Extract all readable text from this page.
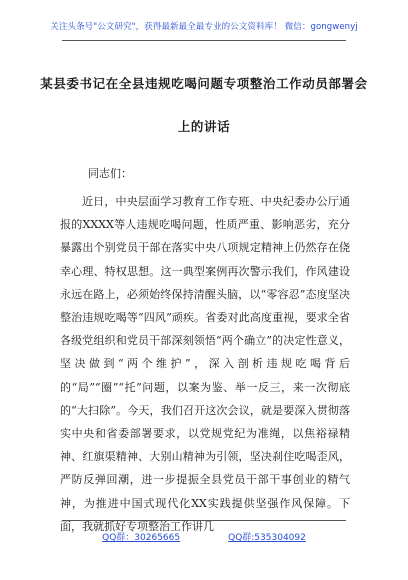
关注头条号"公文研究"，获得最新最全最专业的公文资料库！ 微信：gongwenyj
某县委书记在全县违规吃喝问题专项整治工作动员部署会
上的讲话
同志们：

近日，中央层面学习教育工作专班、中央纪委办公厅通报的XXXX等人违规吃喝问题，性质严重、影响恶劣，充分暴露出个别党员干部在落实中央八项规定精神上仍然存在侥幸心理、特权思想。这一典型案例再次警示我们，作风建设永远在路上，必须始终保持清醒头脑，以“零容忍”态度坚决整治违规吃喝等“四风”顽疾。省委对此高度重视，要求全省各级党组织和党员干部深刻领悟“两个确立”的决定性意义，坚决做到“两个维护”，深入剖析违规吃喝背后的“局”“圈”“托”问题，以案为鉴、举一反三，来一次彻底的“大扫除”。今天，我们召开这次会议，就是要深入贯彻落实中央和省委部署要求，以党规党纪为准绳，以焦裕禄精神、红旗渠精神、大别山精神为引领，坚决刹住吃喝歪风，严防反弹回潮，进一步提振全县党员干部干事创业的精气神，为推进中国式现代化XX实践提供坚强作风保障。下面，我就抓好专项整治工作讲几

QQ群：30265665	QQ群:535304092
